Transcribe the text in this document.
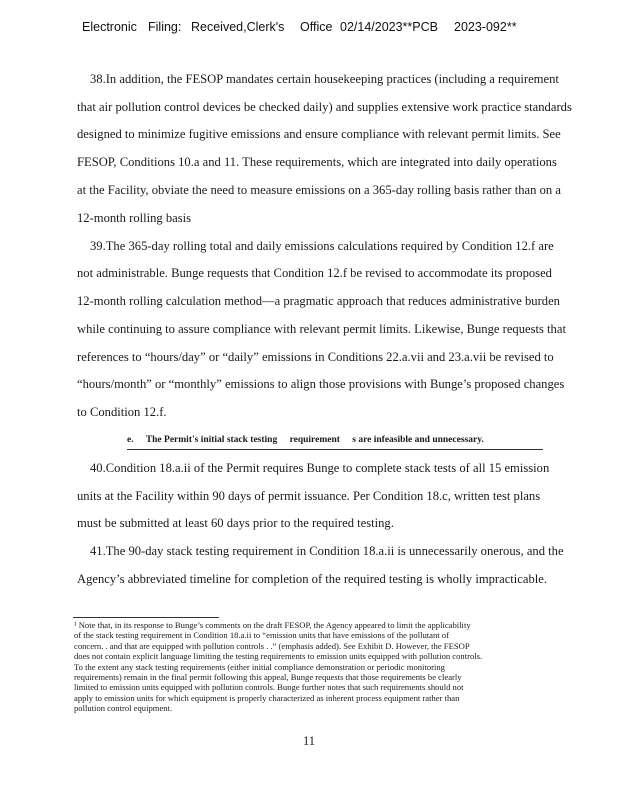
Electronic Filing: Received,Clerk's Office 02/14/2023**PCB 2023-092**
38.In addition, the FESOP mandates certain housekeeping practices (including a requirement
that air pollution control devices be checked daily) and supplies extensive work practice standards
designed to minimize fugitive emissions and ensure compliance with relevant permit limits. See
FESOP, Conditions 10.a and 11. These requirements, which are integrated into daily operations
at the Facility, obviate the need to measure emissions on a 365-day rolling basis rather than on a
12-month rolling basis
39.The 365-day rolling total and daily emissions calculations required by Condition 12.f are
not administrable. Bunge requests that Condition 12.f be revised to accommodate its proposed
12-month rolling calculation method—a pragmatic approach that reduces administrative burden
while continuing to assure compliance with relevant permit limits. Likewise, Bunge requests that
references to “hours/day” or “daily” emissions in Conditions 22.a.vii and 23.a.vii be revised to
“hours/month” or “monthly” emissions to align those provisions with Bunge’s proposed changes
to Condition 12.f.
e. The Permit's initial stack testing requirement s are infeasible and unnecessary.
40.Condition 18.a.ii of the Permit requires Bunge to complete stack tests of all 15 emission
units at the Facility within 90 days of permit issuance. Per Condition 18.c, written test plans
must be submitted at least 60 days prior to the required testing.
41.The 90-day stack testing requirement in Condition 18.a.ii is unnecessarily onerous, and the
Agency’s abbreviated timeline for completion of the required testing is wholly impracticable.
¹ Note that, in its response to Bunge’s comments on the draft FESOP, the Agency appeared to limit the applicability
of the stack testing requirement in Condition 18.a.ii to “emission units that have emissions of the pollutant of
concern. . and that are equipped with pollution controls . .” (emphasis added). See Exhibit D. However, the FESOP
does not contain explicit language limiting the testing requirements to emission units equipped with pollution controls.
To the extent any stack testing requirements (either initial compliance demonstration or periodic monitoring
requirements) remain in the final permit following this appeal, Bunge requests that those requirements be clearly
limited to emission units equipped with pollution controls. Bunge further notes that such requirements should not
apply to emission units for which equipment is properly characterized as inherent process equipment rather than
pollution control equipment.
11
